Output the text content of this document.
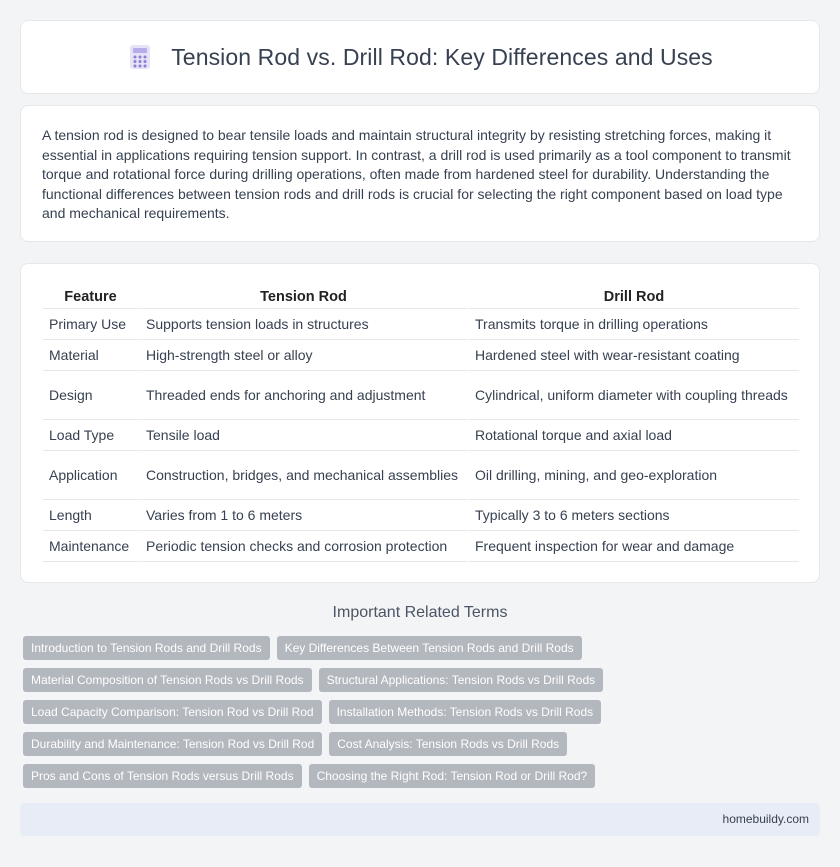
Tension Rod vs. Drill Rod: Key Differences and Uses

A tension rod is designed to bear tensile loads and maintain structural integrity by resisting stretching forces, making it essential in applications requiring tension support. In contrast, a drill rod is used primarily as a tool component to transmit torque and rotational force during drilling operations, often made from hardened steel for durability. Understanding the functional differences between tension rods and drill rods is crucial for selecting the right component based on load type and mechanical requirements.

Feature	Tension Rod	Drill Rod
Primary Use	Supports tension loads in structures	Transmits torque in drilling operations
Material	High-strength steel or alloy	Hardened steel with wear-resistant coating
Design	Threaded ends for anchoring and adjustment	Cylindrical, uniform diameter with coupling threads
Load Type	Tensile load	Rotational torque and axial load
Application	Construction, bridges, and mechanical assemblies	Oil drilling, mining, and geo-exploration
Length	Varies from 1 to 6 meters	Typically 3 to 6 meters sections
Maintenance	Periodic tension checks and corrosion protection	Frequent inspection for wear and damage
Important Related Terms
Introduction to Tension Rods and Drill Rods	Key Differences Between Tension Rods and Drill Rods
Material Composition of Tension Rods vs Drill Rods	Structural Applications: Tension Rods vs Drill Rods
Load Capacity Comparison: Tension Rod vs Drill Rod	Installation Methods: Tension Rods vs Drill Rods
Durability and Maintenance: Tension Rod vs Drill Rod	Cost Analysis: Tension Rods vs Drill Rods
Pros and Cons of Tension Rods versus Drill Rods	Choosing the Right Rod: Tension Rod or Drill Rod?
homebuildy.com
